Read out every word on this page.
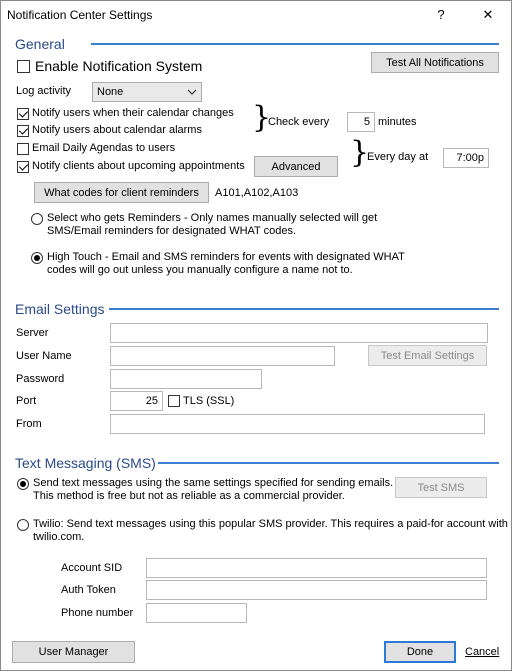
Notification Center Settings	?	✕
General
Enable Notification System	Test All Notifications
Log activity	None
Notify users when their calendar changes
Notify users about calendar alarms }
Check every	5 minutes
Email Daily Agendas to users
Notify clients about upcoming appointments	Advanced }
Every day at	7:00p
What codes for client reminders	A101,A102,A103
Select who gets Reminders - Only names manually selected will get
SMS/Email reminders for designated WHAT codes.
High Touch - Email and SMS reminders for events with designated WHAT
codes will go out unless you manually configure a name not to.
Email Settings
Server
User Name	Test Email Settings
Password
Port	25	TLS (SSL)
From
Text Messaging (SMS)
Send text messages using the same settings specified for sending emails.
This method is free but not as reliable as a commercial provider.
Test SMS
Twilio: Send text messages using this popular SMS provider. This requires a paid-for account with
twilio.com.
Account SID
Auth Token
Phone number
User Manager	Done	Cancel
